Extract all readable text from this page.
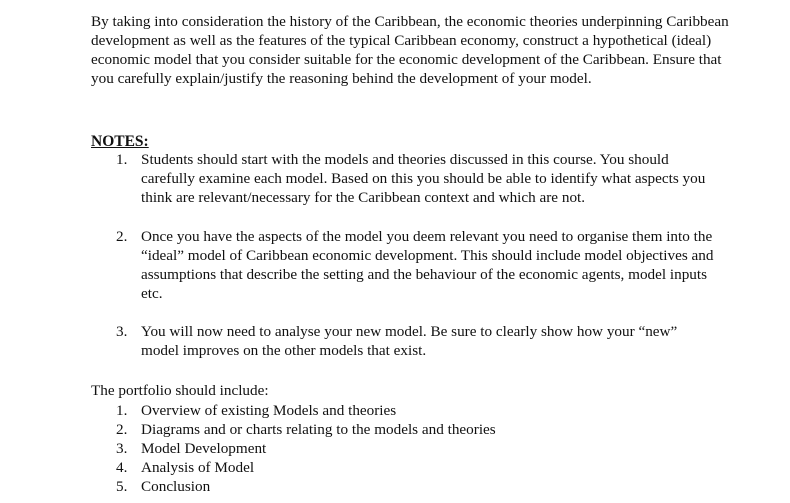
By taking into consideration the history of the Caribbean, the economic theories underpinning Caribbean development as well as the features of the typical Caribbean economy, construct a hypothetical (ideal) economic model that you consider suitable for the economic development of the Caribbean. Ensure that you carefully explain/justify the reasoning behind the development of your model.

NOTES:

1. Students should start with the models and theories discussed in this course. You should carefully examine each model. Based on this you should be able to identify what aspects you think are relevant/necessary for the Caribbean context and which are not.
2. Once you have the aspects of the model you deem relevant you need to organise them into the “ideal” model of Caribbean economic development. This should include model objectives and assumptions that describe the setting and the behaviour of the economic agents, model inputs etc.
3. You will now need to analyse your new model. Be sure to clearly show how your “new” model improves on the other models that exist.

The portfolio should include:

1. Overview of existing Models and theories
2. Diagrams and or charts relating to the models and theories
3. Model Development
4. Analysis of Model
5. Conclusion
